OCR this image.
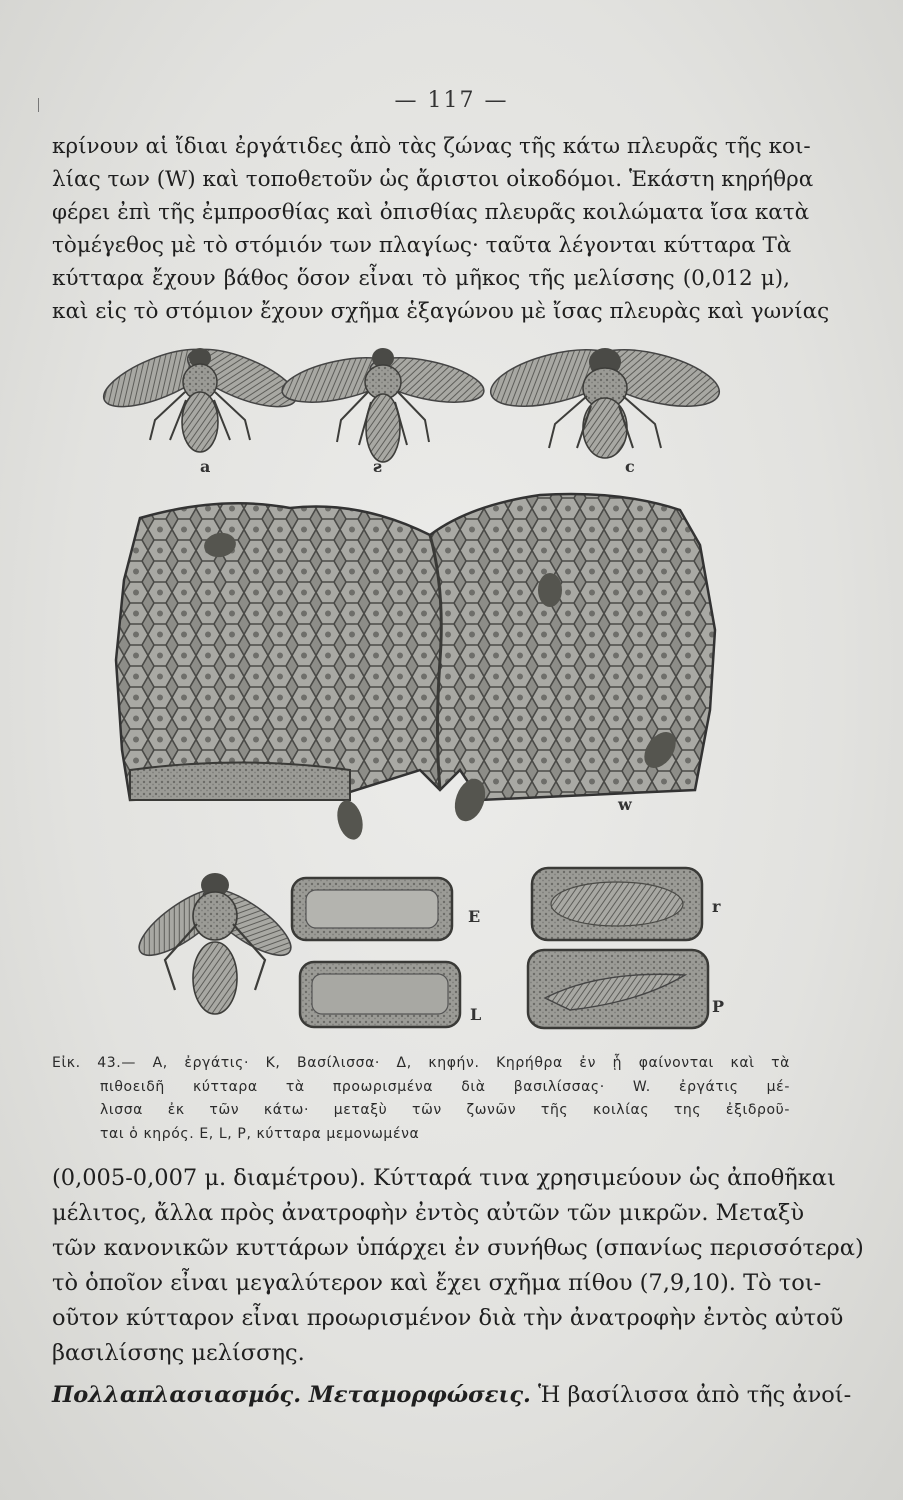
— 117 —
κρίνουν αἱ ἴδιαι ἐργάτιδες ἀπὸ τὰς ζώνας τῆς κάτω πλευρᾶς τῆς κοι-
λίας των (W) καὶ τοποθετοῦν ὡς ἄριστοι οἰκοδόμοι. Ἑκάστη κηρήθρα
φέρει ἐπὶ τῆς ἐμπροσθίας καὶ ὀπισθίας πλευρᾶς κοιλώματα ἴσα κατὰ
τὸμέγεθος μὲ τὸ στόμιόν των πλαγίως· ταῦτα λέγονται κύτταρα Τὰ
κύτταρα ἔχουν βάθος ὅσον εἶναι τὸ μῆκος τῆς μελίσσης (0,012 μ),
καὶ εἰς τὸ στόμιον ἔχουν σχῆμα ἑξαγώνου μὲ ἴσας πλευρὰς καὶ γωνίας
a	ƨ	c
w
E
r
L	P
Εἰκ. 43.— A, ἐργάτις· K, Βασίλισσα· Δ, κηφήν. Κηρήθρα ἐν ᾗ φαίνονται καὶ τὰ
πιθοειδῆ κύτταρα τὰ προωρισμένα διὰ βασιλίσσας· W. ἐργάτις μέ-
λισσα ἐκ τῶν κάτω· μεταξὺ τῶν ζωνῶν τῆς κοιλίας της ἐξιδροῦ-
ται ὁ κηρός. E, L, P, κύτταρα μεμονωμένα
(0,005-0,007 μ. διαμέτρου). Κύτταρά τινα χρησιμεύουν ὡς ἀποθῆκαι
μέλιτος, ἄλλα πρὸς ἀνατροφὴν ἐντὸς αὐτῶν τῶν μικρῶν. Μεταξὺ
τῶν κανονικῶν κυττάρων ὑπάρχει ἐν συνήθως (σπανίως περισσότερα)
τὸ ὁποῖον εἶναι μεγαλύτερον καὶ ἔχει σχῆμα πίθου (7,9,10). Τὸ τοι-
οῦτον κύτταρον εἶναι προωρισμένον διὰ τὴν ἀνατροφὴν ἐντὸς αὐτοῦ
βασιλίσσης μελίσσης.
Πολλαπλασιασμός. Μεταμορφώσεις. Ἡ βασίλισσα ἀπὸ τῆς ἀνοί-
